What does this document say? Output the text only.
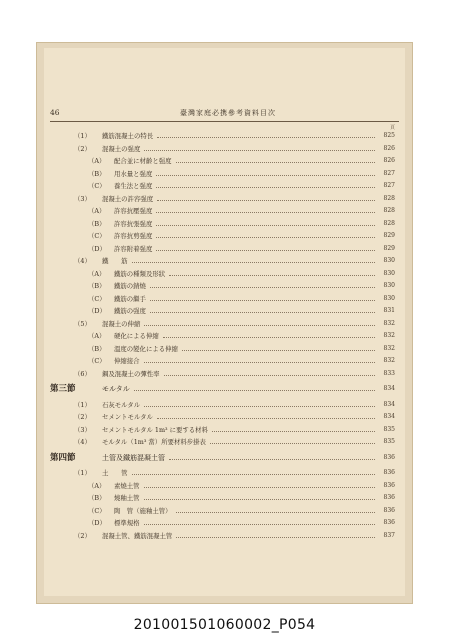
46	臺灣家庭必携參考資料目次
頁
（1） 鐵筋混凝土の特長	825
（2） 混凝土の强度	826
（A） 配合並に材齡と强度	826
（B） 用水量と强度	827
（C） 養生法と强度	827
（3） 混凝土の許容强度	828
（A） 許容抗壓强度	828
（B） 許容抗張强度	828
（C） 許容抗剪强度	829
（D） 許容附着强度	829
（4） 鐵　　筋	830
（A） 鐵筋の種類及形狀	830
（B） 鐵筋の錆燒	830
（C） 鐵筋の繼手	830
（D） 鐵筋の强度	831
（5） 混凝土の伸縮	832
（A） 硬化による伸縮	832
（B） 溫度の變化による伸縮	832
（C） 伸縮接合	832
（6） 鋼及混凝土の彈性率	833
第三節	モルタル	834
（1） 石灰モルタル	834
（2） セメントモルタル	834
（3） セメントモルタル 1m³ に要する材料	835
（4） モルタル（1m³ 當）所要材料步掛表	835
第四節	土管及鐵筋混凝土管	836
（1） 土　　管	836
（A） 素燒土管	836
（B） 燒釉土管	836
（C） 陶　管（施釉土管）	836
（D） 標準規格	836
（2） 混凝土管、鐵筋混凝土管	837
201001501060002_P054
